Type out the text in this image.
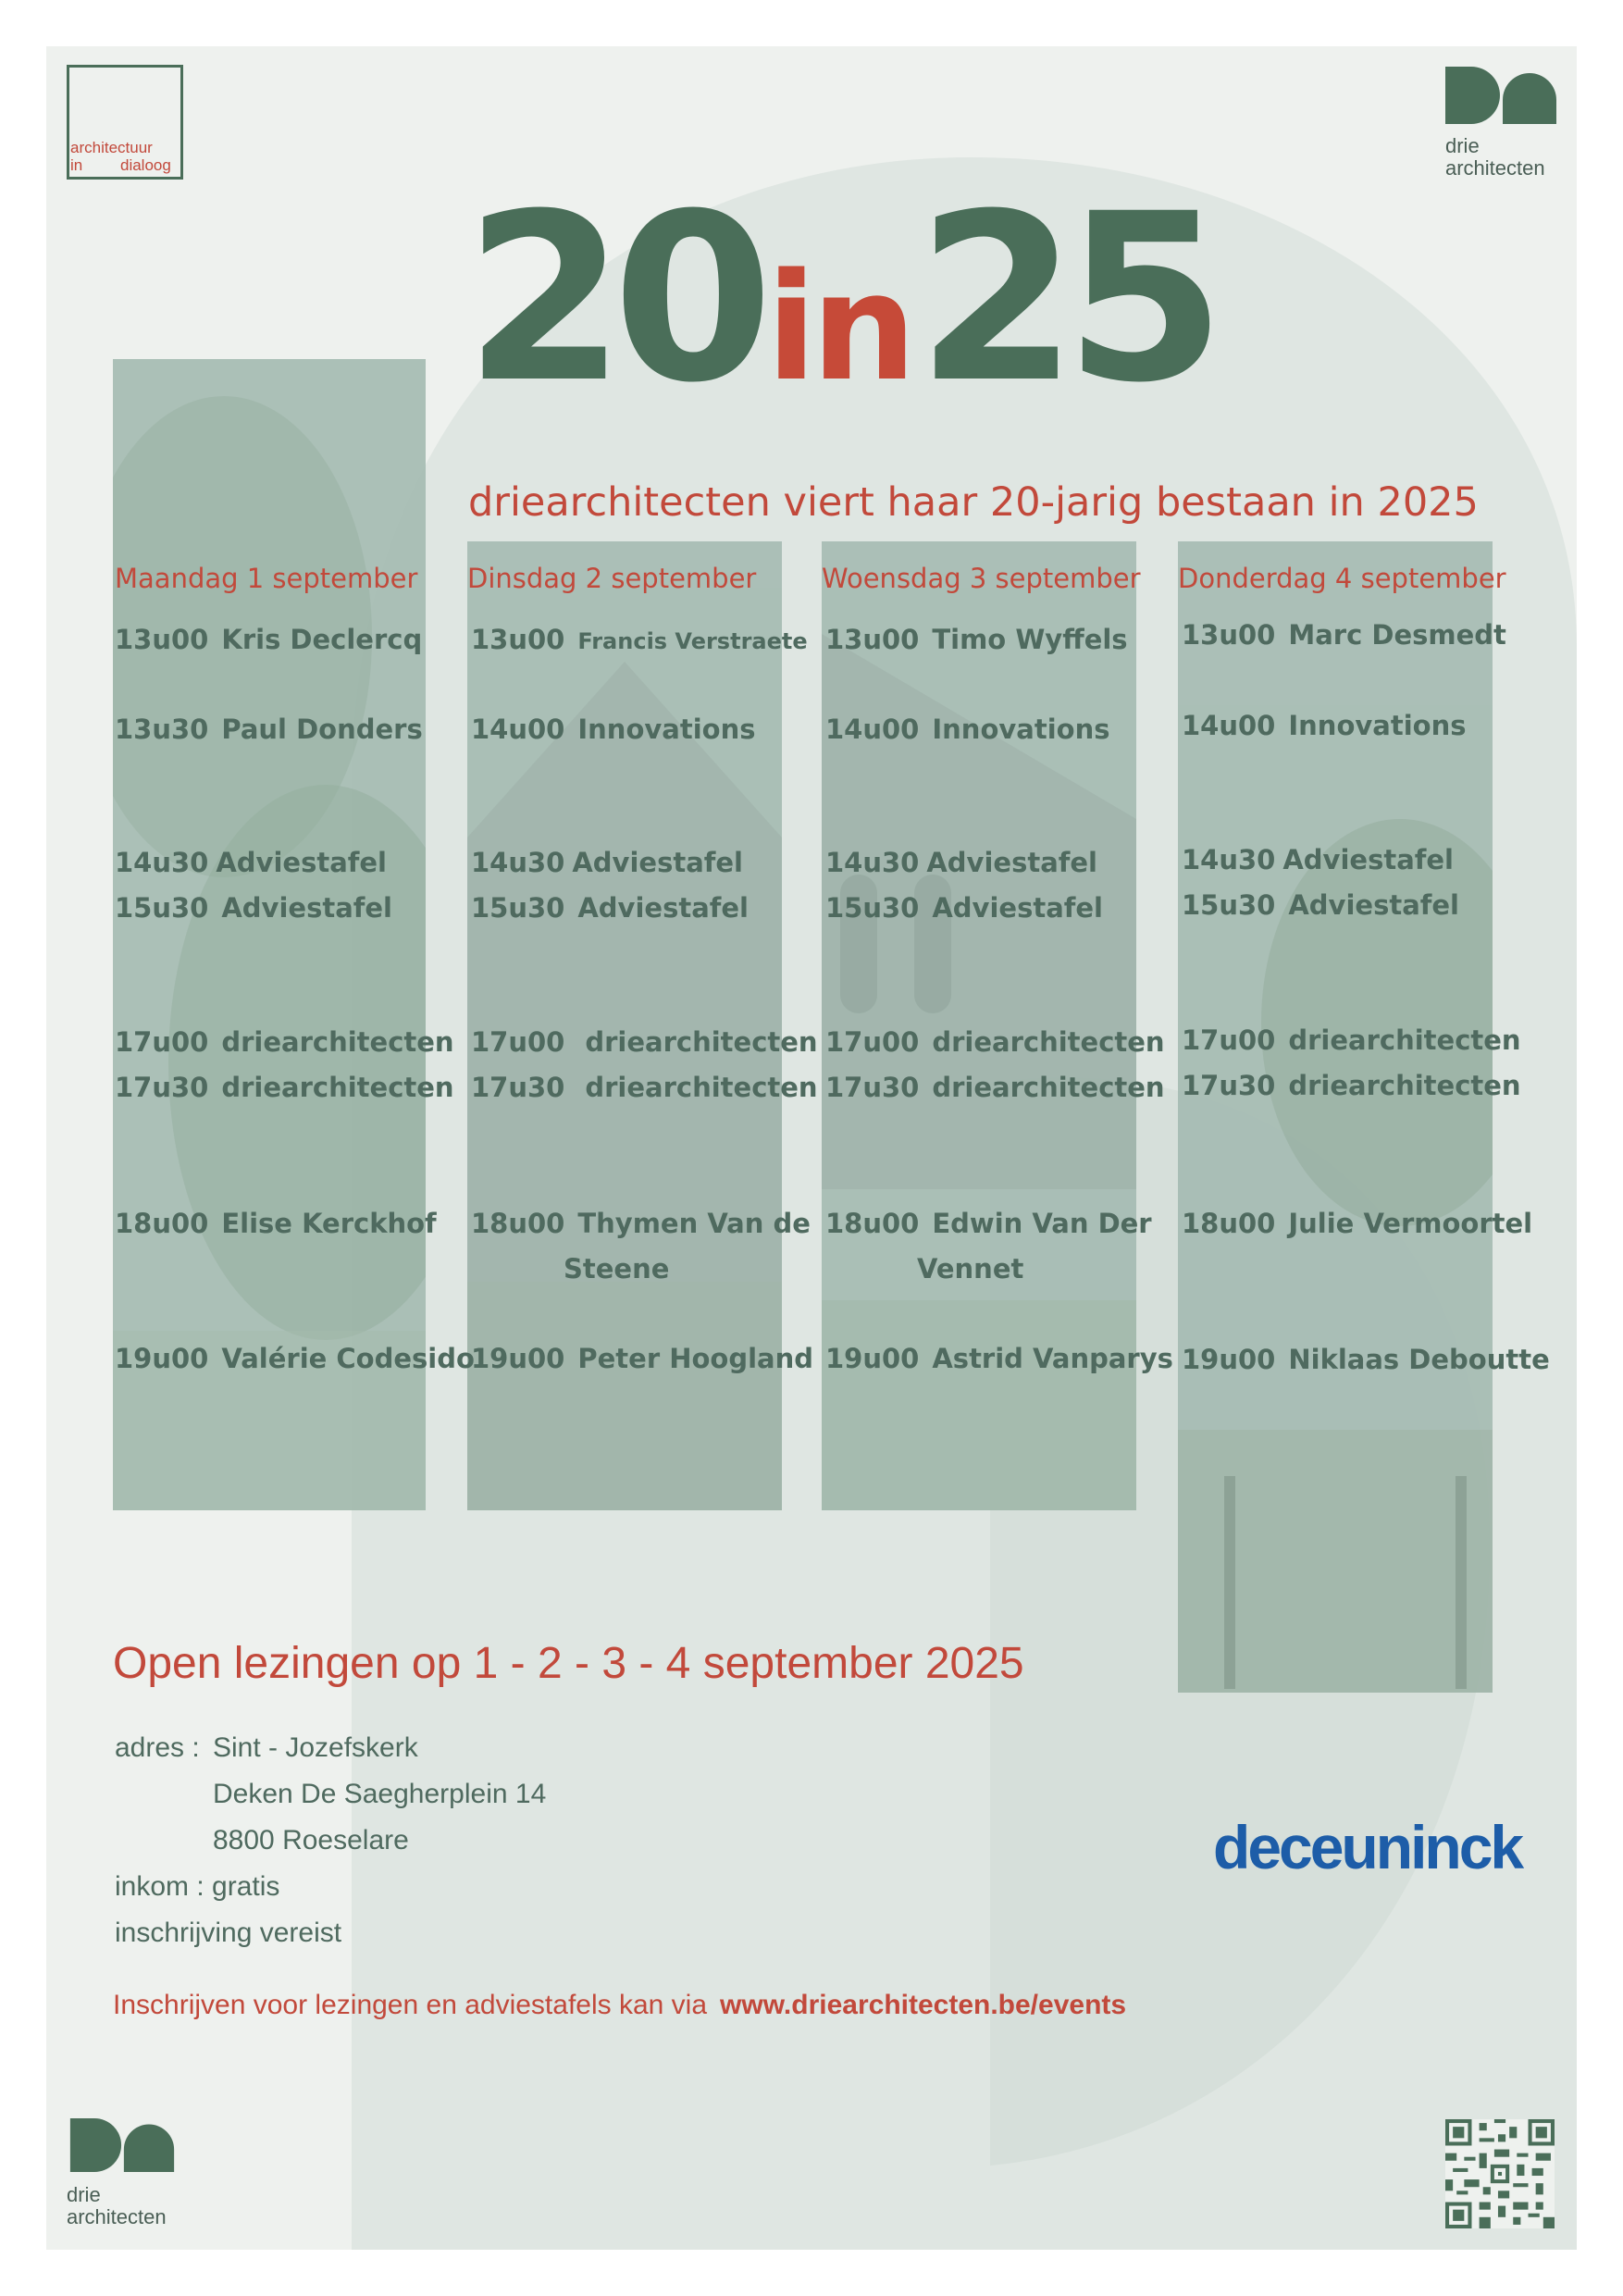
architectuur
in dialoog
drie
architecten
20in25
driearchitecten viert haar 20-jarig bestaan in 2025
Maandag 1 september Dinsdag 2 september Woensdag 3 september Donderdag 4 september
13u00 Kris Declercq
13u30 Paul Donders
14u30 Adviestafel
15u30 Adviestafel
17u00 driearchitecten
17u30 driearchitecten
18u00 Elise Kerckhof
19u00 Valérie Codesido
13u00 Francis Verstraete
14u00 Innovations
14u30 Adviestafel
15u30 Adviestafel
17u00 driearchitecten
17u30 driearchitecten
18u00 Thymen Van de
Steene
19u00 Peter Hoogland
13u00 Timo Wyffels
14u00 Innovations
14u30 Adviestafel
15u30 Adviestafel
17u00 driearchitecten
17u30 driearchitecten
18u00 Edwin Van Der
Vennet
19u00 Astrid Vanparys
13u00 Marc Desmedt
14u00 Innovations
14u30 Adviestafel
15u30 Adviestafel
17u00 driearchitecten
17u30 driearchitecten
18u00 Julie Vermoortel
19u00 Niklaas Deboutte
Open lezingen op 1 - 2 - 3 - 4 september 2025
adres : Sint - Jozefskerk
Deken De Saegherplein 14
8800 Roeselare
inkom : gratis
inschrijving vereist
Inschrijven voor lezingen en adviestafels kan via www.driearchitecten.be/events
deceuninck
drie
architecten
